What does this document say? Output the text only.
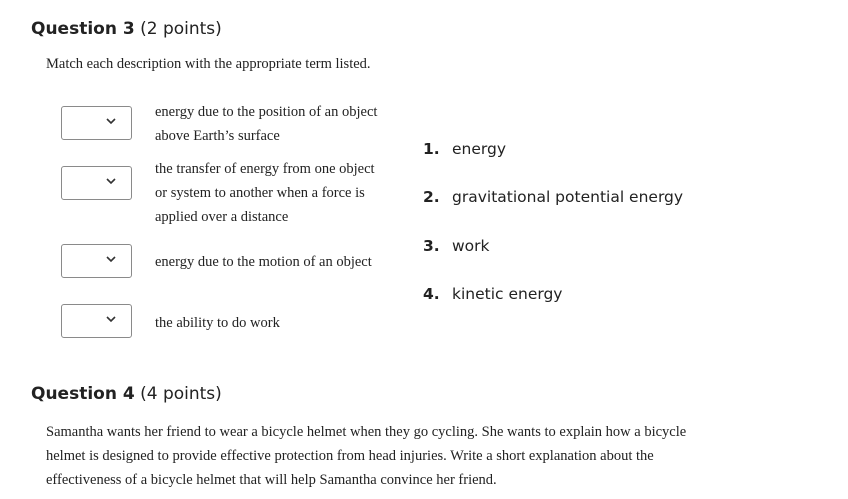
Question 3 (2 points)
Match each description with the appropriate term listed.
energy due to the position of an object
above Earth’s surface
the transfer of energy from one object
or system to another when a force is
applied over a distance
energy due to the motion of an object
the ability to do work
1. energy
2. gravitational potential energy
3. work
4. kinetic energy
Question 4 (4 points)
Samantha wants her friend to wear a bicycle helmet when they go cycling. She wants to explain how a bicycle
helmet is designed to provide effective protection from head injuries. Write a short explanation about the
effectiveness of a bicycle helmet that will help Samantha convince her friend.
